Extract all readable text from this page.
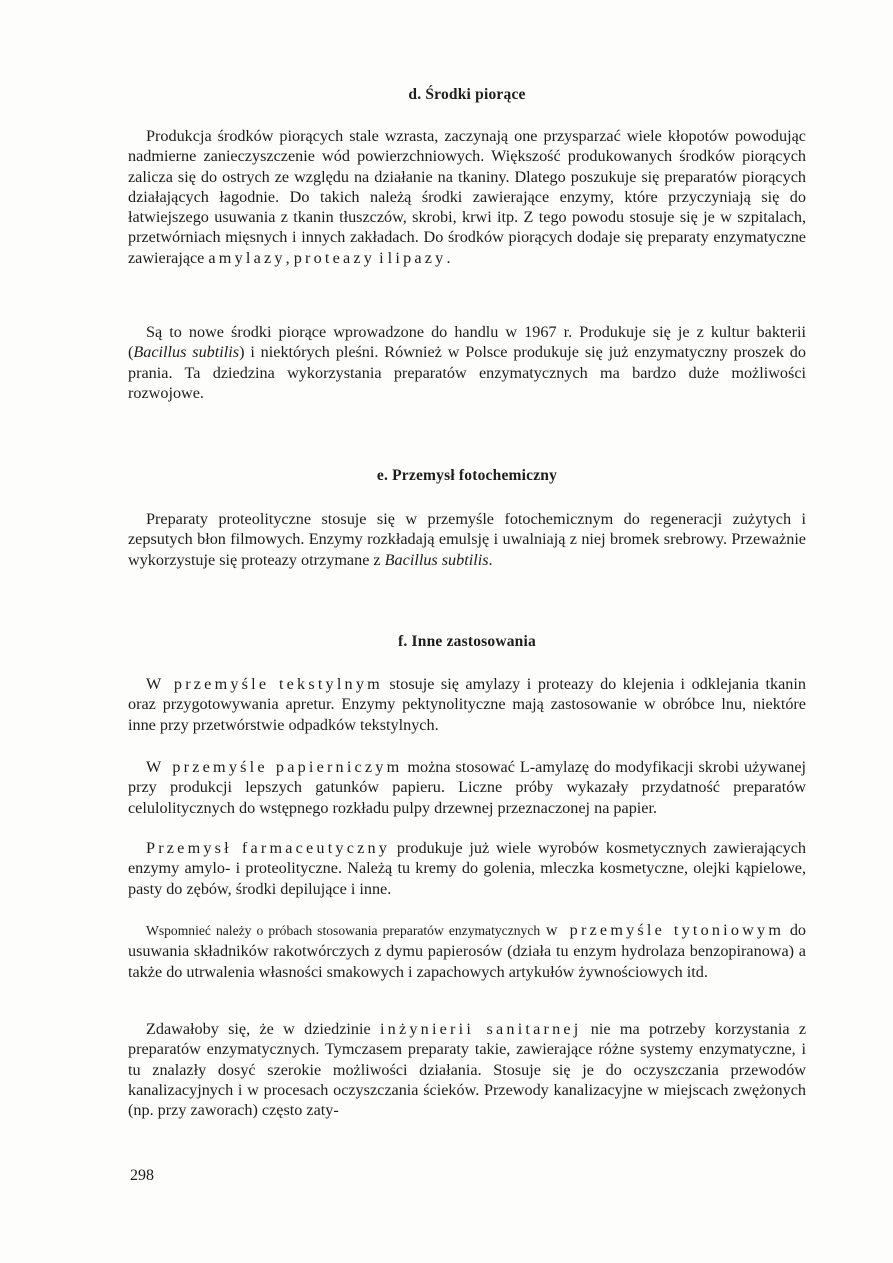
d. Środki piorące

Produkcja środków piorących stale wzrasta, zaczynają one przysparzać wiele kłopotów powodując nadmierne zanieczyszczenie wód powierzchniowych. Większość produkowanych środków piorących zalicza się do ostrych ze względu na działanie na tkaniny. Dlatego poszukuje się preparatów piorących działających łagodnie. Do takich należą środki zawierające enzymy, które przyczyniają się do łatwiejszego usuwania z tkanin tłuszczów, skrobi, krwi itp. Z tego powodu stosuje się je w szpitalach, przetwórniach mięsnych i innych zakładach. Do środków piorących dodaje się preparaty enzymatyczne zawierające amylazy, proteazy i lipazy.

Są to nowe środki piorące wprowadzone do handlu w 1967 r. Produkuje się je z kultur bakterii (Bacillus subtilis) i niektórych pleśni. Również w Polsce produkuje się już enzymatyczny proszek do prania. Ta dziedzina wykorzystania preparatów enzymatycznych ma bardzo duże możliwości rozwojowe.

e. Przemysł fotochemiczny

Preparaty proteolityczne stosuje się w przemyśle fotochemicznym do regeneracji zużytych i zepsutych błon filmowych. Enzymy rozkładają emulsję i uwalniają z niej bromek srebrowy. Przeważnie wykorzystuje się proteazy otrzymane z Bacillus subtilis.

f. Inne zastosowania

W przemyśle tekstylnym stosuje się amylazy i proteazy do klejenia i odklejania tkanin oraz przygotowywania apretur. Enzymy pektynolityczne mają zastosowanie w obróbce lnu, niektóre inne przy przetwórstwie odpadków tekstylnych.

W przemyśle papierniczym można stosować L-amylazę do modyfikacji skrobi używanej przy produkcji lepszych gatunków papieru. Liczne próby wykazały przydatność preparatów celulolitycznych do wstępnego rozkładu pulpy drzewnej przeznaczonej na papier.

Przemysł farmaceutyczny produkuje już wiele wyrobów kosmetycznych zawierających enzymy amylo- i proteolityczne. Należą tu kremy do golenia, mleczka kosmetyczne, olejki kąpielowe, pasty do zębów, środki depilujące i inne.

Wspomnieć należy o próbach stosowania preparatów enzymatycznych w przemyśle tytoniowym do usuwania składników rakotwórczych z dymu papierosów (działa tu enzym hydrolaza benzopiranowa) a także do utrwalenia własności smakowych i zapachowych artykułów żywnościowych itd.

Zdawałoby się, że w dziedzinie inżynierii sanitarnej nie ma potrzeby korzystania z preparatów enzymatycznych. Tymczasem preparaty takie, zawierające różne systemy enzymatyczne, i tu znalazły dosyć szerokie możliwości działania. Stosuje się je do oczyszczania przewodów kanalizacyjnych i w procesach oczyszczania ścieków. Przewody kanalizacyjne w miejscach zwężonych (np. przy zaworach) często zaty-

298
